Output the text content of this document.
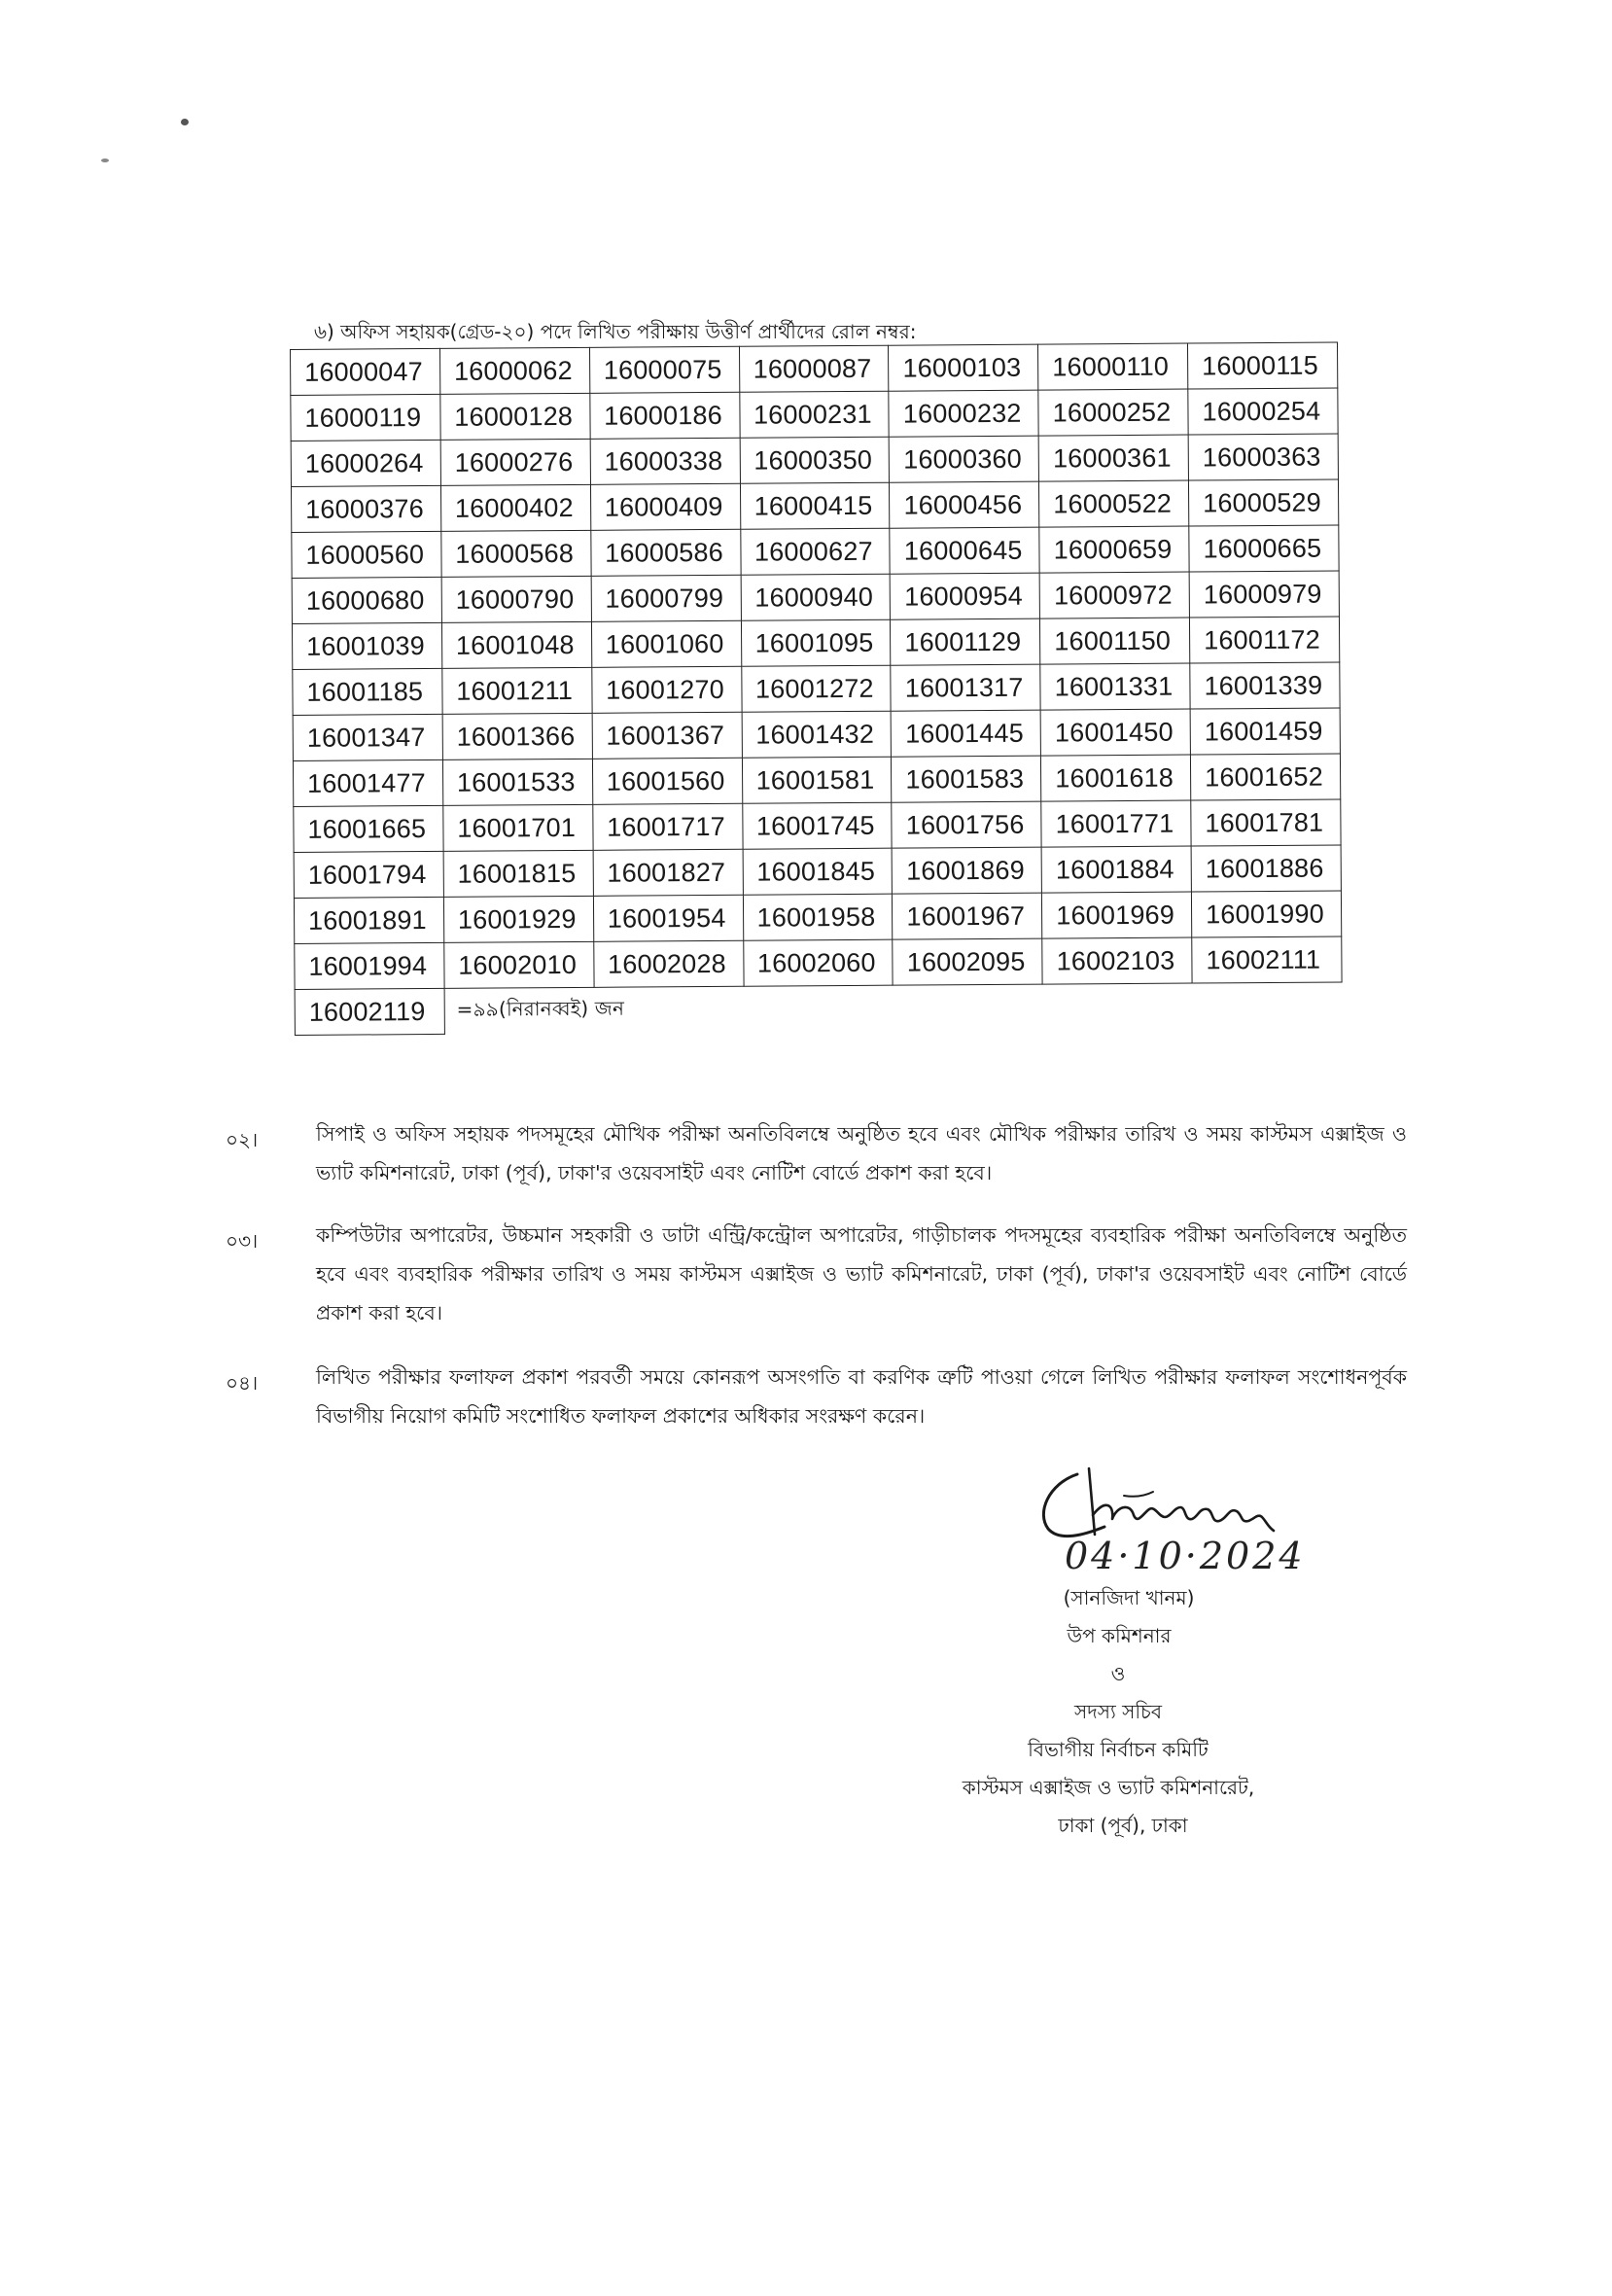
৬) অফিস সহায়ক(গ্রেড-২০) পদে লিখিত পরীক্ষায় উত্তীর্ণ প্রার্থীদের রোল নম্বর:
16000047	16000062	16000075	16000087	16000103	16000110	16000115
16000119	16000128	16000186	16000231	16000232	16000252	16000254
16000264	16000276	16000338	16000350	16000360	16000361	16000363
16000376	16000402	16000409	16000415	16000456	16000522	16000529
16000560	16000568	16000586	16000627	16000645	16000659	16000665
16000680	16000790	16000799	16000940	16000954	16000972	16000979
16001039	16001048	16001060	16001095	16001129	16001150	16001172
16001185	16001211	16001270	16001272	16001317	16001331	16001339
16001347	16001366	16001367	16001432	16001445	16001450	16001459
16001477	16001533	16001560	16001581	16001583	16001618	16001652
16001665	16001701	16001717	16001745	16001756	16001771	16001781
16001794	16001815	16001827	16001845	16001869	16001884	16001886
16001891	16001929	16001954	16001958	16001967	16001969	16001990
16001994	16002010	16002028	16002060	16002095	16002103	16002111
16002119	=৯৯(নিরানব্বই) জন					
০২।	সিপাই ও অফিস সহায়ক পদসমূহের মৌখিক পরীক্ষা অনতিবিলম্বে অনুষ্ঠিত হবে এবং মৌখিক পরীক্ষার তারিখ ও সময় কাস্টমস এক্সাইজ ও ভ্যাট কমিশনারেট, ঢাকা (পূর্ব), ঢাকা'র ওয়েবসাইট এবং নোটিশ বোর্ডে প্রকাশ করা হবে।
০৩।	কম্পিউটার অপারেটর, উচ্চমান সহকারী ও ডাটা এন্ট্রি/কন্ট্রোল অপারেটর, গাড়ীচালক পদসমূহের ব্যবহারিক পরীক্ষা অনতিবিলম্বে অনুষ্ঠিত হবে এবং ব্যবহারিক পরীক্ষার তারিখ ও সময় কাস্টমস এক্সাইজ ও ভ্যাট কমিশনারেট, ঢাকা (পূর্ব), ঢাকা'র ওয়েবসাইট এবং নোটিশ বোর্ডে প্রকাশ করা হবে।
০৪।	লিখিত পরীক্ষার ফলাফল প্রকাশ পরবর্তী সময়ে কোনরূপ অসংগতি বা করণিক ত্রুটি পাওয়া গেলে লিখিত পরীক্ষার ফলাফল সংশোধনপূর্বক বিভাগীয় নিয়োগ কমিটি সংশোধিত ফলাফল প্রকাশের অধিকার সংরক্ষণ করেন।
04·10·2024
(সানজিদা খানম)
উপ কমিশনার
ও
সদস্য সচিব
বিভাগীয় নির্বাচন কমিটি
কাস্টমস এক্সাইজ ও ভ্যাট কমিশনারেট,
ঢাকা (পূর্ব), ঢাকা
